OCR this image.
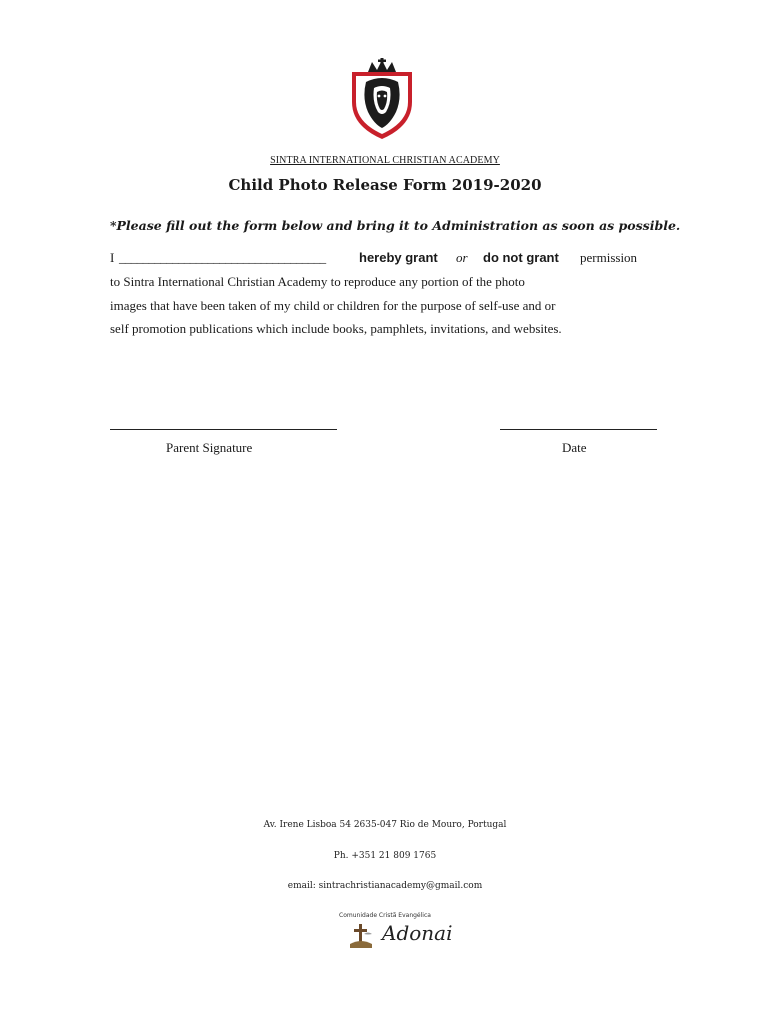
SINTRA INTERNATIONAL CHRISTIAN ACADEMY
Child Photo Release Form 2019-2020
*Please fill out the form below and bring it to Administration as soon as possible.
I ___________________________________	hereby grant or do not grant permission
to Sintra International Christian Academy to reproduce any portion of the photo
images that have been taken of my child or children for the purpose of self-use and or
self promotion publications which include books, pamphlets, invitations, and websites.
Parent Signature	Date
Av. Irene Lisboa 54 2635-047 Rio de Mouro, Portugal
Ph. +351 21 809 1765
email: sintrachristianacademy@gmail.com
Comunidade Cristã Evangélica
Adonai
